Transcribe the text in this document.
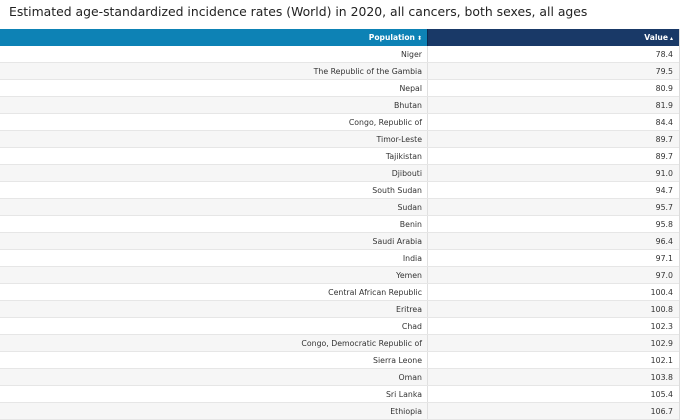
Estimated age-standardized incidence rates (World) in 2020, all cancers, both sexes, all ages
Population ⬍	Value ▴
Niger	78.4
The Republic of the Gambia	79.5
Nepal	80.9
Bhutan	81.9
Congo, Republic of	84.4
Timor-Leste	89.7
Tajikistan	89.7
Djibouti	91.0
South Sudan	94.7
Sudan	95.7
Benin	95.8
Saudi Arabia	96.4
India	97.1
Yemen	97.0
Central African Republic	100.4
Eritrea	100.8
Chad	102.3
Congo, Democratic Republic of	102.9
Sierra Leone	102.1
Oman	103.8
Sri Lanka	105.4
Ethiopia	106.7
